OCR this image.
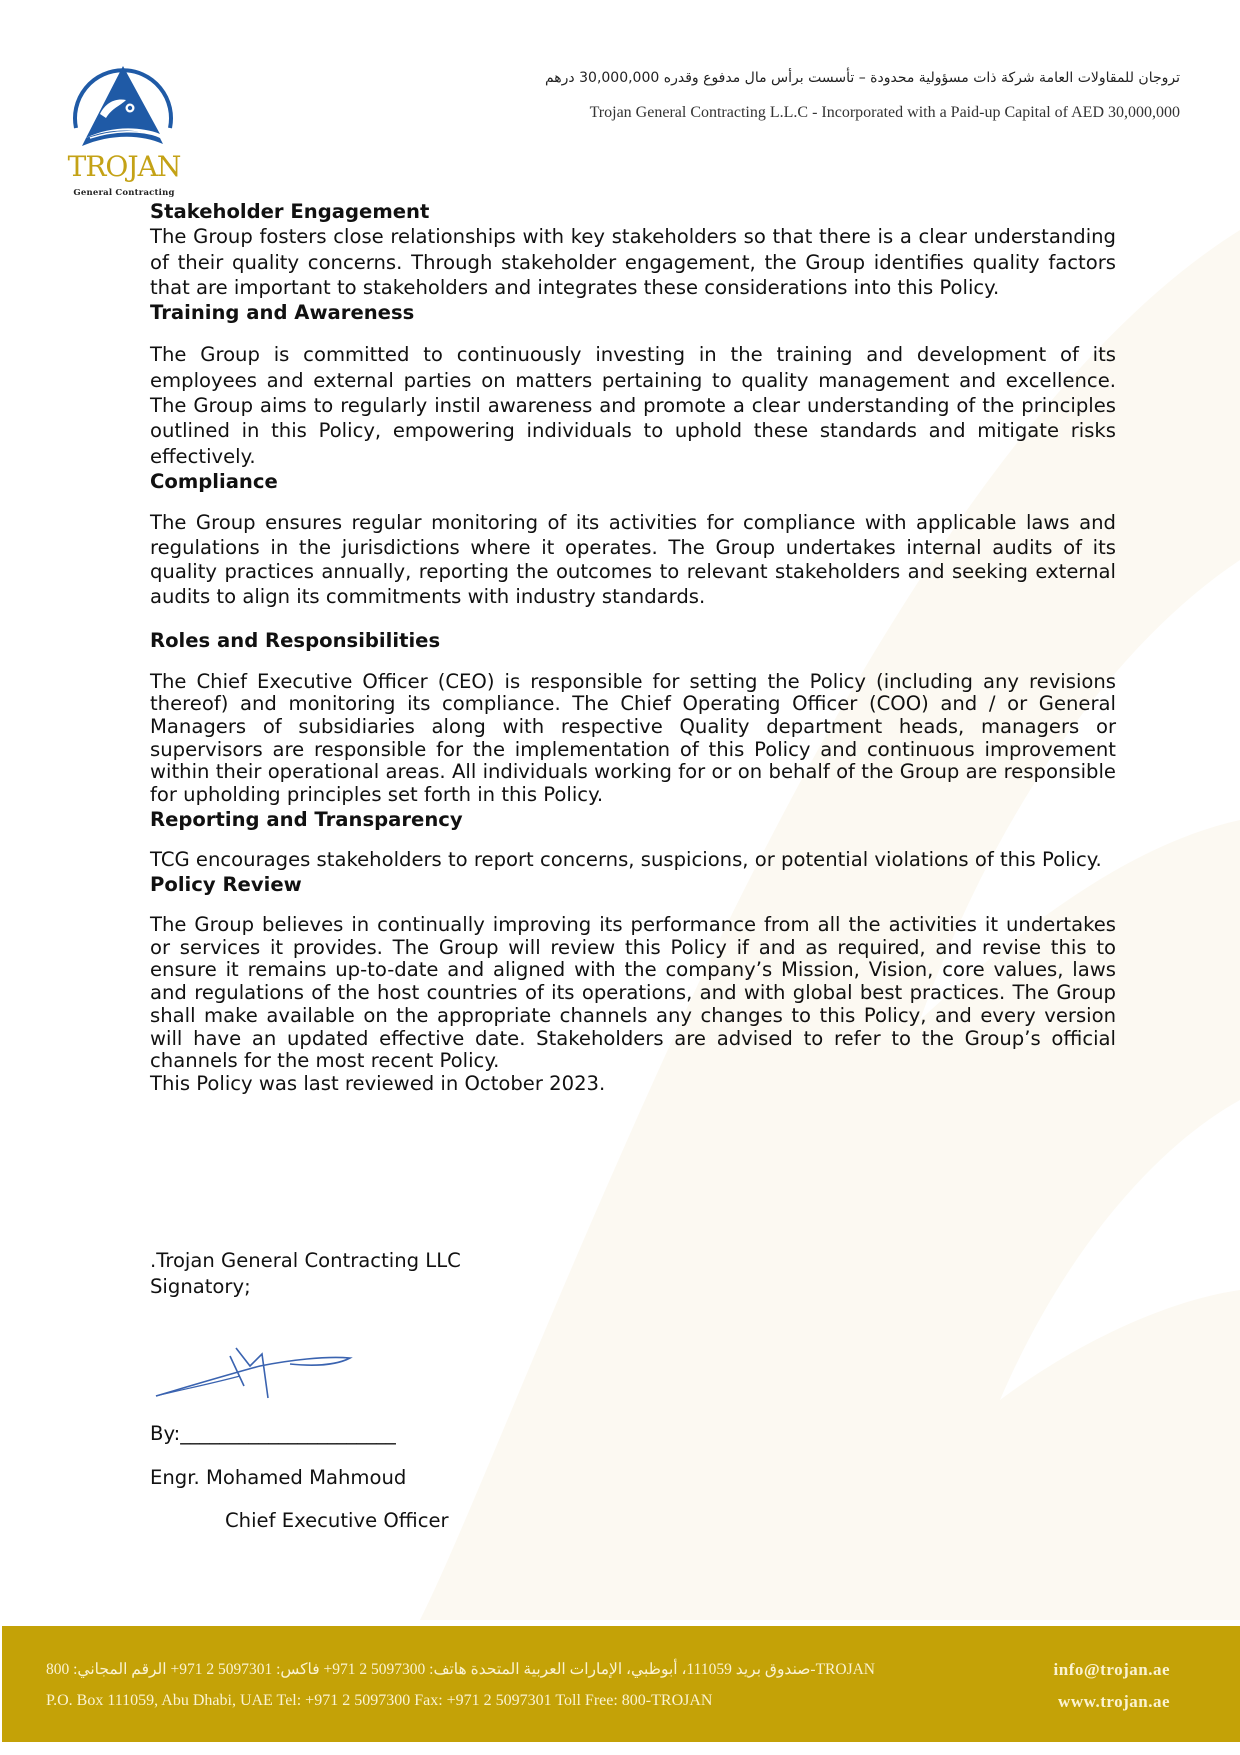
TROJAN
General Contracting
تروجان للمقاولات العامة شركة ذات مسؤولية محدودة – تأسست برأس مال مدفوع وقدره 30,000,000 درهم
Trojan General Contracting L.L.C - Incorporated with a Paid-up Capital of AED 30,000,000
Stakeholder Engagement

The Group fosters close relationships with key stakeholders so that there is a clear understanding of their quality concerns. Through stakeholder engagement, the Group identifies quality factors that are important to stakeholders and integrates these considerations into this Policy.

Training and Awareness

The Group is committed to continuously investing in the training and development of its employees and external parties on matters pertaining to quality management and excellence. The Group aims to regularly instil awareness and promote a clear understanding of the principles outlined in this Policy, empowering individuals to uphold these standards and mitigate risks effectively.

Compliance

The Group ensures regular monitoring of its activities for compliance with applicable laws and regulations in the jurisdictions where it operates. The Group undertakes internal audits of its quality practices annually, reporting the outcomes to relevant stakeholders and seeking external audits to align its commitments with industry standards.

Roles and Responsibilities

The Chief Executive Officer (CEO) is responsible for setting the Policy (including any revisions thereof) and monitoring its compliance. The Chief Operating Officer (COO) and / or General Managers of subsidiaries along with respective Quality department heads, managers or supervisors are responsible for the implementation of this Policy and continuous improvement within their operational areas. All individuals working for or on behalf of the Group are responsible for upholding principles set forth in this Policy.

Reporting and Transparency

TCG encourages stakeholders to report concerns, suspicions, or potential violations of this Policy.

Policy Review

The Group believes in continually improving its performance from all the activities it undertakes or services it provides. The Group will review this Policy if and as required, and revise this to ensure it remains up-to-date and aligned with the company’s Mission, Vision, core values, laws and regulations of the host countries of its operations, and with global best practices. The Group shall make available on the appropriate channels any changes to this Policy, and every version will have an updated effective date. Stakeholders are advised to refer to the Group’s official channels for the most recent Policy.

This Policy was last reviewed in October 2023.

.Trojan General Contracting LLC
Signatory;
By:______________________
Engr. Mohamed Mahmoud
Chief Executive Officer
صندوق بريد 111059، أبوظبي، الإمارات العربية المتحدة هاتف: 5097300 2 971+ فاكس: 5097301 2 971+ الرقم المجاني: 800-TROJAN
P.O. Box 111059, Abu Dhabi, UAE Tel: +971 2 5097300 Fax: +971 2 5097301 Toll Free: 800-TROJAN
info@trojan.ae
www.trojan.ae
